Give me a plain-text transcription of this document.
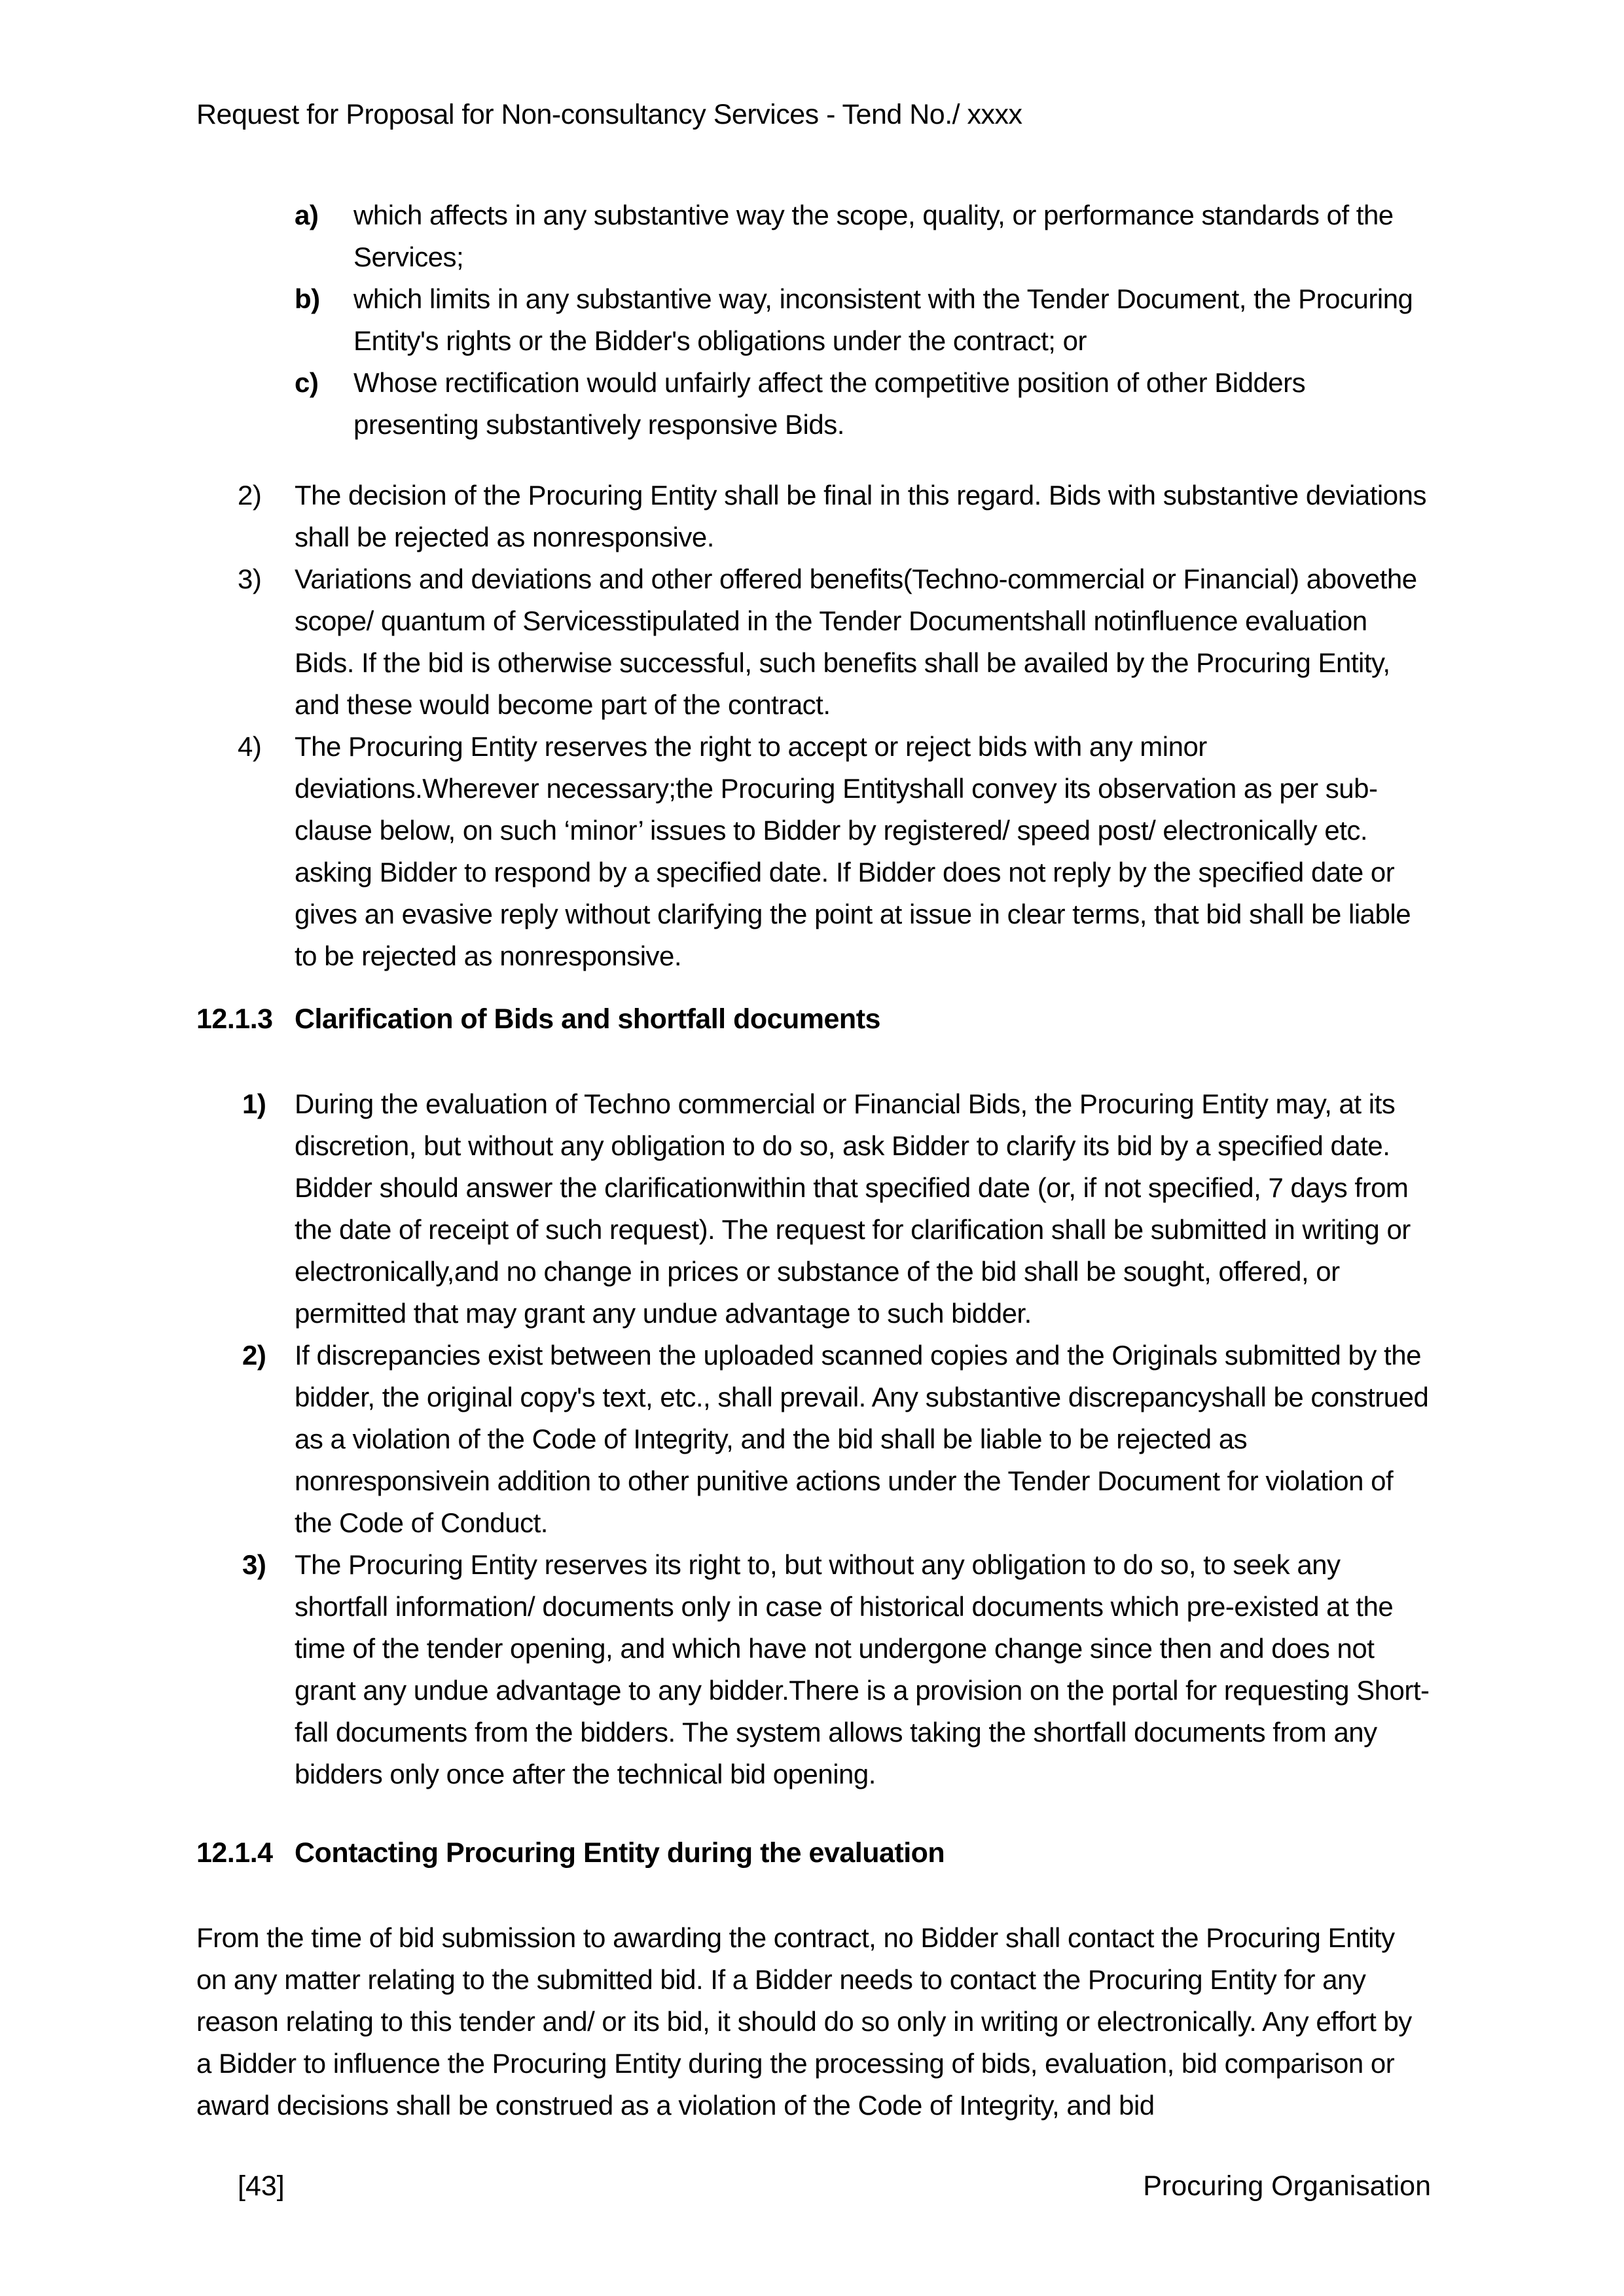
Request for Proposal for Non-consultancy Services - Tend No./ xxxx
a)	which affects in any substantive way the scope, quality, or performance standards of the Services;
b)	which limits in any substantive way, inconsistent with the Tender Document, the Procuring Entity's rights or the Bidder's obligations under the contract; or
c)	Whose rectification would unfairly affect the competitive position of other Bidders presenting substantively responsive Bids.
2)	The decision of the Procuring Entity shall be final in this regard. Bids with substantive deviations shall be rejected as nonresponsive.
3)	Variations and deviations and other offered benefits(Techno-commercial or Financial) abovethe scope/ quantum of Servicesstipulated in the Tender Documentshall notinfluence evaluation Bids. If the bid is otherwise successful, such benefits shall be availed by the Procuring Entity, and these would become part of the contract.
4)	The Procuring Entity reserves the right to accept or reject bids with any minor deviations.Wherever necessary;the Procuring Entityshall convey its observation as per sub-clause below, on such ‘minor’ issues to Bidder by registered/ speed post/ electronically etc. asking Bidder to respond by a specified date. If Bidder does not reply by the specified date or gives an evasive reply without clarifying the point at issue in clear terms, that bid shall be liable to be rejected as nonresponsive.
12.1.3 Clarification of Bids and shortfall documents
1)	During the evaluation of Techno commercial or Financial Bids, the Procuring Entity may, at its discretion, but without any obligation to do so, ask Bidder to clarify its bid by a specified date. Bidder should answer the clarificationwithin that specified date (or, if not specified, 7 days from the date of receipt of such request). The request for clarification shall be submitted in writing or electronically,and no change in prices or substance of the bid shall be sought, offered, or permitted that may grant any undue advantage to such bidder.
2)	If discrepancies exist between the uploaded scanned copies and the Originals submitted by the bidder, the original copy's text, etc., shall prevail. Any substantive discrepancyshall be construed as a violation of the Code of Integrity, and the bid shall be liable to be rejected as nonresponsivein addition to other punitive actions under the Tender Document for violation of the Code of Conduct.
3)	The Procuring Entity reserves its right to, but without any obligation to do so, to seek any shortfall information/ documents only in case of historical documents which pre-existed at the time of the tender opening, and which have not undergone change since then and does not grant any undue advantage to any bidder.There is a provision on the portal for requesting Short-fall documents from the bidders. The system allows taking the shortfall documents from any bidders only once after the technical bid opening.
12.1.4 Contacting Procuring Entity during the evaluation

From the time of bid submission to awarding the contract, no Bidder shall contact the Procuring Entity on any matter relating to the submitted bid. If a Bidder needs to contact the Procuring Entity for any reason relating to this tender and/ or its bid, it should do so only in writing or electronically. Any effort by a Bidder to influence the Procuring Entity during the processing of bids, evaluation, bid comparison or award decisions shall be construed as a violation of the Code of Integrity, and bid

[43]	Procuring Organisation
